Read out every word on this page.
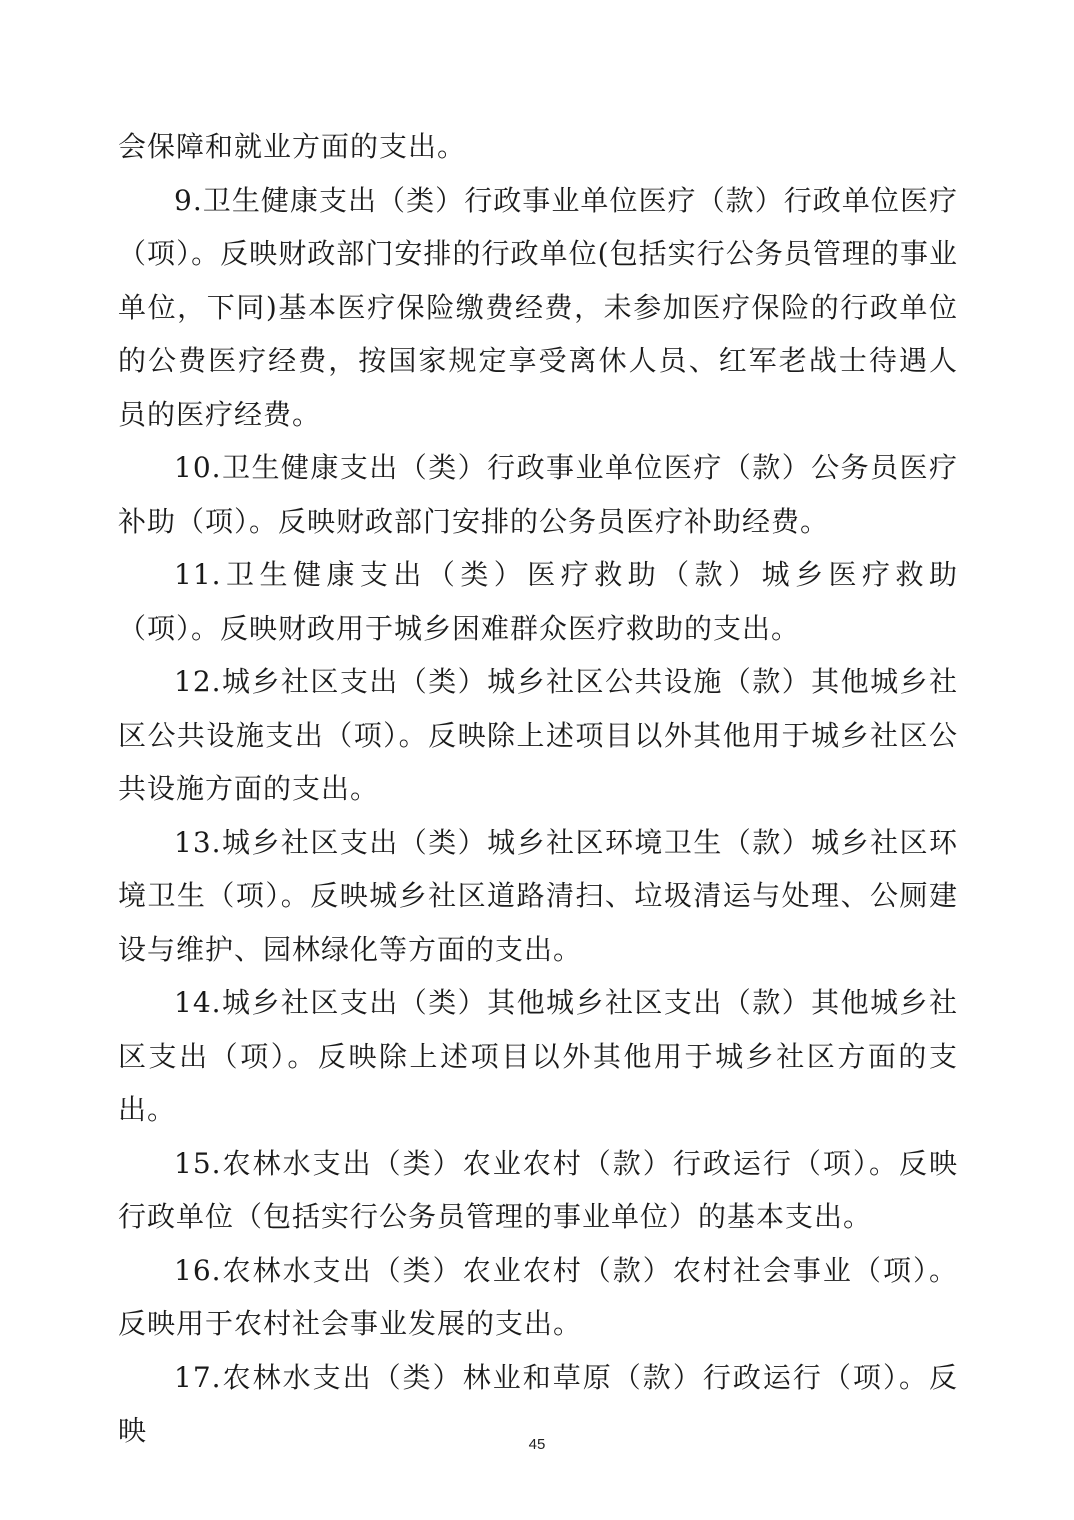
会保障和就业方面的支出。

9.卫生健康支出（类）行政事业单位医疗（款）行政单位医疗（项）。反映财政部门安排的行政单位(包括实行公务员管理的事业单位，下同)基本医疗保险缴费经费，未参加医疗保险的行政单位的公费医疗经费，按国家规定享受离休人员、红军老战士待遇人员的医疗经费。

10.卫生健康支出（类）行政事业单位医疗（款）公务员医疗补助（项）。反映财政部门安排的公务员医疗补助经费。

11.卫生健康支出（类）医疗救助（款）城乡医疗救助（项）。反映财政用于城乡困难群众医疗救助的支出。

12.城乡社区支出（类）城乡社区公共设施（款）其他城乡社区公共设施支出（项）。反映除上述项目以外其他用于城乡社区公共设施方面的支出。

13.城乡社区支出（类）城乡社区环境卫生（款）城乡社区环境卫生（项）。反映城乡社区道路清扫、垃圾清运与处理、公厕建设与维护、园林绿化等方面的支出。

14.城乡社区支出（类）其他城乡社区支出（款）其他城乡社区支出（项）。反映除上述项目以外其他用于城乡社区方面的支出。

15.农林水支出（类）农业农村（款）行政运行（项）。反映行政单位（包括实行公务员管理的事业单位）的基本支出。

16.农林水支出（类）农业农村（款）农村社会事业（项）。反映用于农村社会事业发展的支出。

17.农林水支出（类）林业和草原（款）行政运行（项）。反映	45
